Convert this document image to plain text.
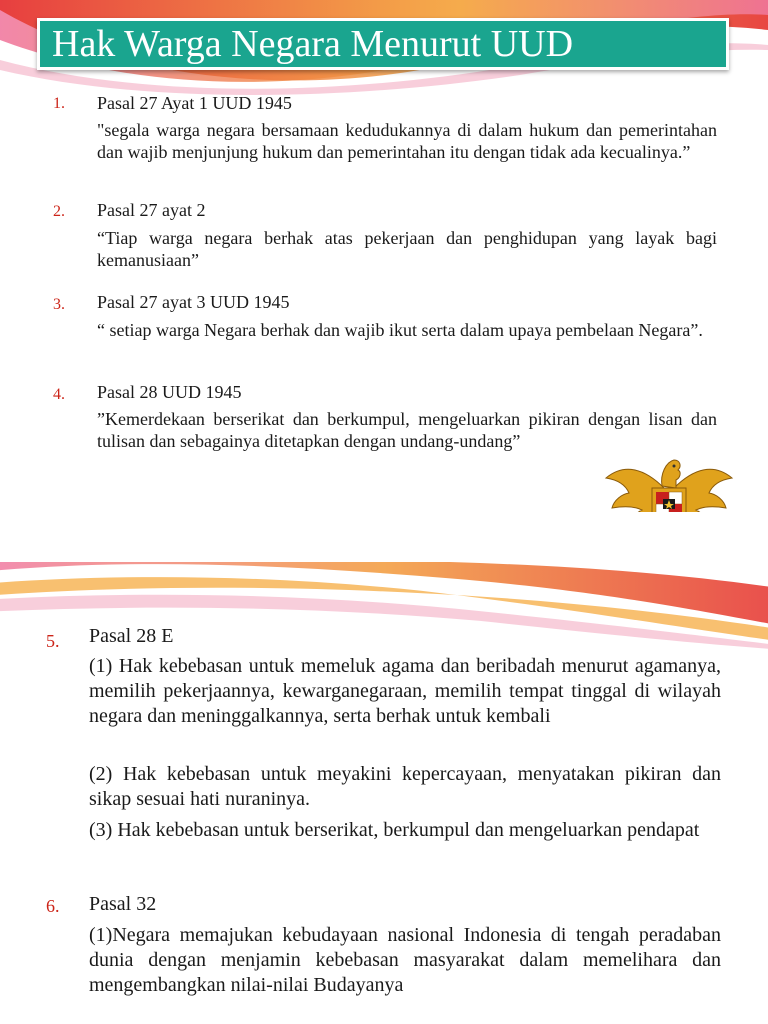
Hak Warga Negara Menurut UUD
1. Pasal 27 Ayat 1 UUD 1945
"segala warga negara bersamaan kedudukannya di dalam hukum dan pemerintahan dan wajib menjunjung hukum dan pemerintahan itu dengan tidak ada kecualinya.”
2. Pasal 27 ayat 2
“Tiap warga negara berhak atas pekerjaan dan penghidupan yang layak bagi kemanusiaan”
3. Pasal 27 ayat 3 UUD 1945
“ setiap warga Negara berhak dan wajib ikut serta dalam upaya pembelaan Negara”.
4. Pasal 28 UUD 1945
”Kemerdekaan berserikat dan berkumpul, mengeluarkan pikiran dengan lisan dan tulisan dan sebagainya ditetapkan dengan undang-undang”
5. Pasal 28 E
(1) Hak kebebasan untuk memeluk agama dan beribadah menurut agamanya, memilih pekerjaannya, kewarganegaraan, memilih tempat tinggal di wilayah negara dan meninggalkannya, serta berhak untuk kembali
(2) Hak kebebasan untuk meyakini kepercayaan, menyatakan pikiran dan sikap sesuai hati nuraninya.
(3) Hak kebebasan untuk berserikat, berkumpul dan mengeluarkan pendapat
6. Pasal 32
(1)Negara memajukan kebudayaan nasional Indonesia di tengah peradaban dunia dengan menjamin kebebasan masyarakat dalam memelihara dan mengembangkan nilai-nilai Budayanya
